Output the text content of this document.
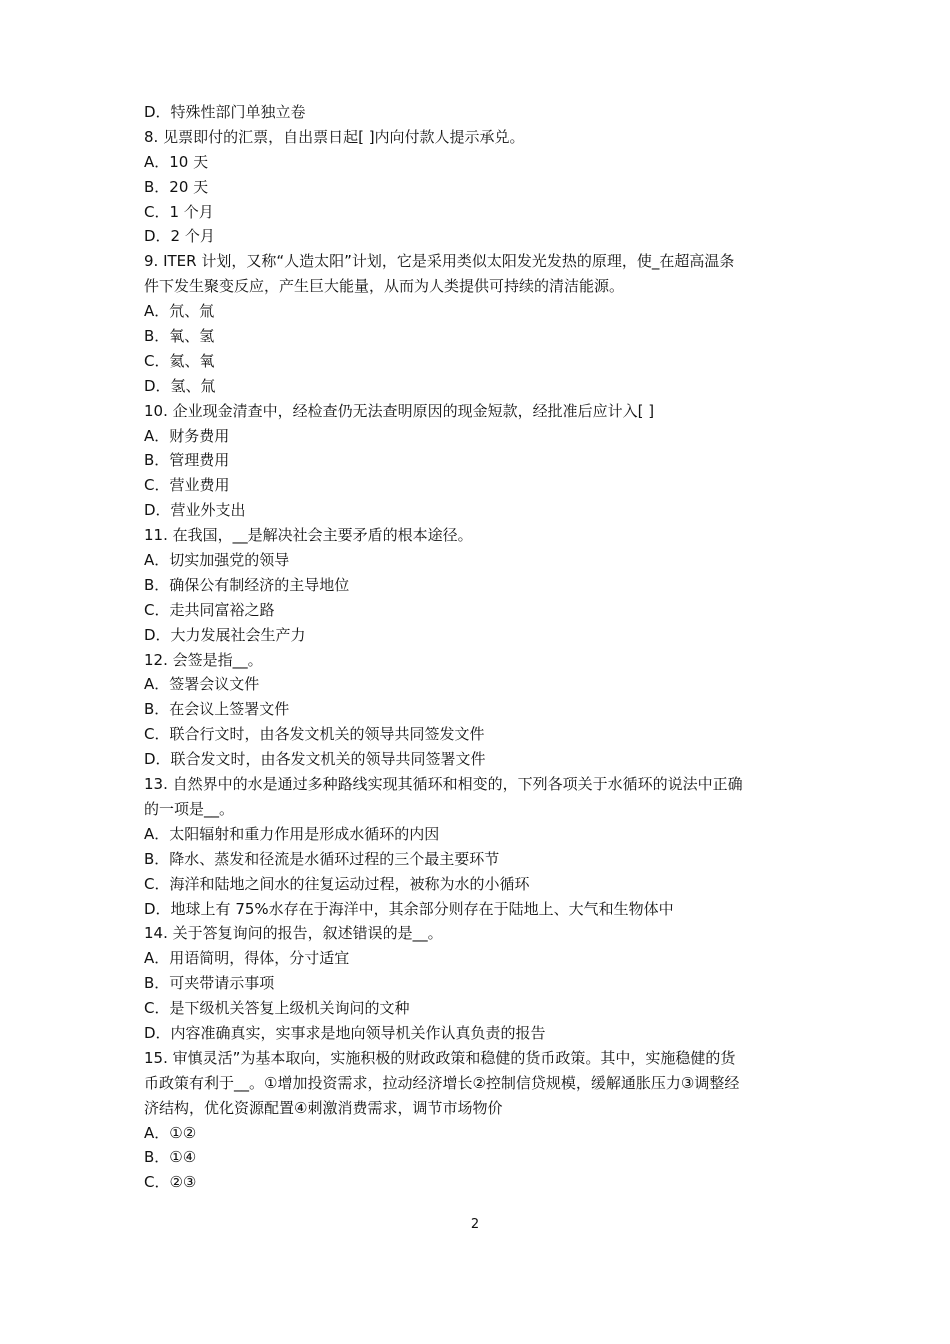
D．特殊性部门单独立卷
8. 见票即付的汇票，自出票日起[ ]内向付款人提示承兑。
A．10 天
B．20 天
C．1 个月
D．2 个月
9. ITER 计划，又称“人造太阳”计划，它是采用类似太阳发光发热的原理，使_在超高温条
件下发生聚变反应，产生巨大能量，从而为人类提供可持续的清洁能源。
A．氘、氚
B．氧、氢
C．氦、氧
D．氢、氚
10. 企业现金清查中，经检查仍无法查明原因的现金短款，经批准后应计入[ ]
A．财务费用
B．管理费用
C．营业费用
D．营业外支出
11. 在我国，__是解决社会主要矛盾的根本途径。
A．切实加强党的领导
B．确保公有制经济的主导地位
C．走共同富裕之路
D．大力发展社会生产力
12. 会签是指__。
A．签署会议文件
B．在会议上签署文件
C．联合行文时，由各发文机关的领导共同签发文件
D．联合发文时，由各发文机关的领导共同签署文件
13. 自然界中的水是通过多种路线实现其循环和相变的，下列各项关于水循环的说法中正确
的一项是__。
A．太阳辐射和重力作用是形成水循环的内因
B．降水、蒸发和径流是水循环过程的三个最主要环节
C．海洋和陆地之间水的往复运动过程，被称为水的小循环
D．地球上有 75%水存在于海洋中，其余部分则存在于陆地上、大气和生物体中
14. 关于答复询问的报告，叙述错误的是__。
A．用语简明，得体，分寸适宜
B．可夹带请示事项
C．是下级机关答复上级机关询问的文种
D．内容准确真实，实事求是地向领导机关作认真负责的报告
15. 审慎灵活”为基本取向，实施积极的财政政策和稳健的货币政策。其中，实施稳健的货
币政策有利于__。①增加投资需求，拉动经济增长②控制信贷规模，缓解通胀压力③调整经
济结构，优化资源配置④刺激消费需求，调节市场物价
A．①②
B．①④
C．②③
2
